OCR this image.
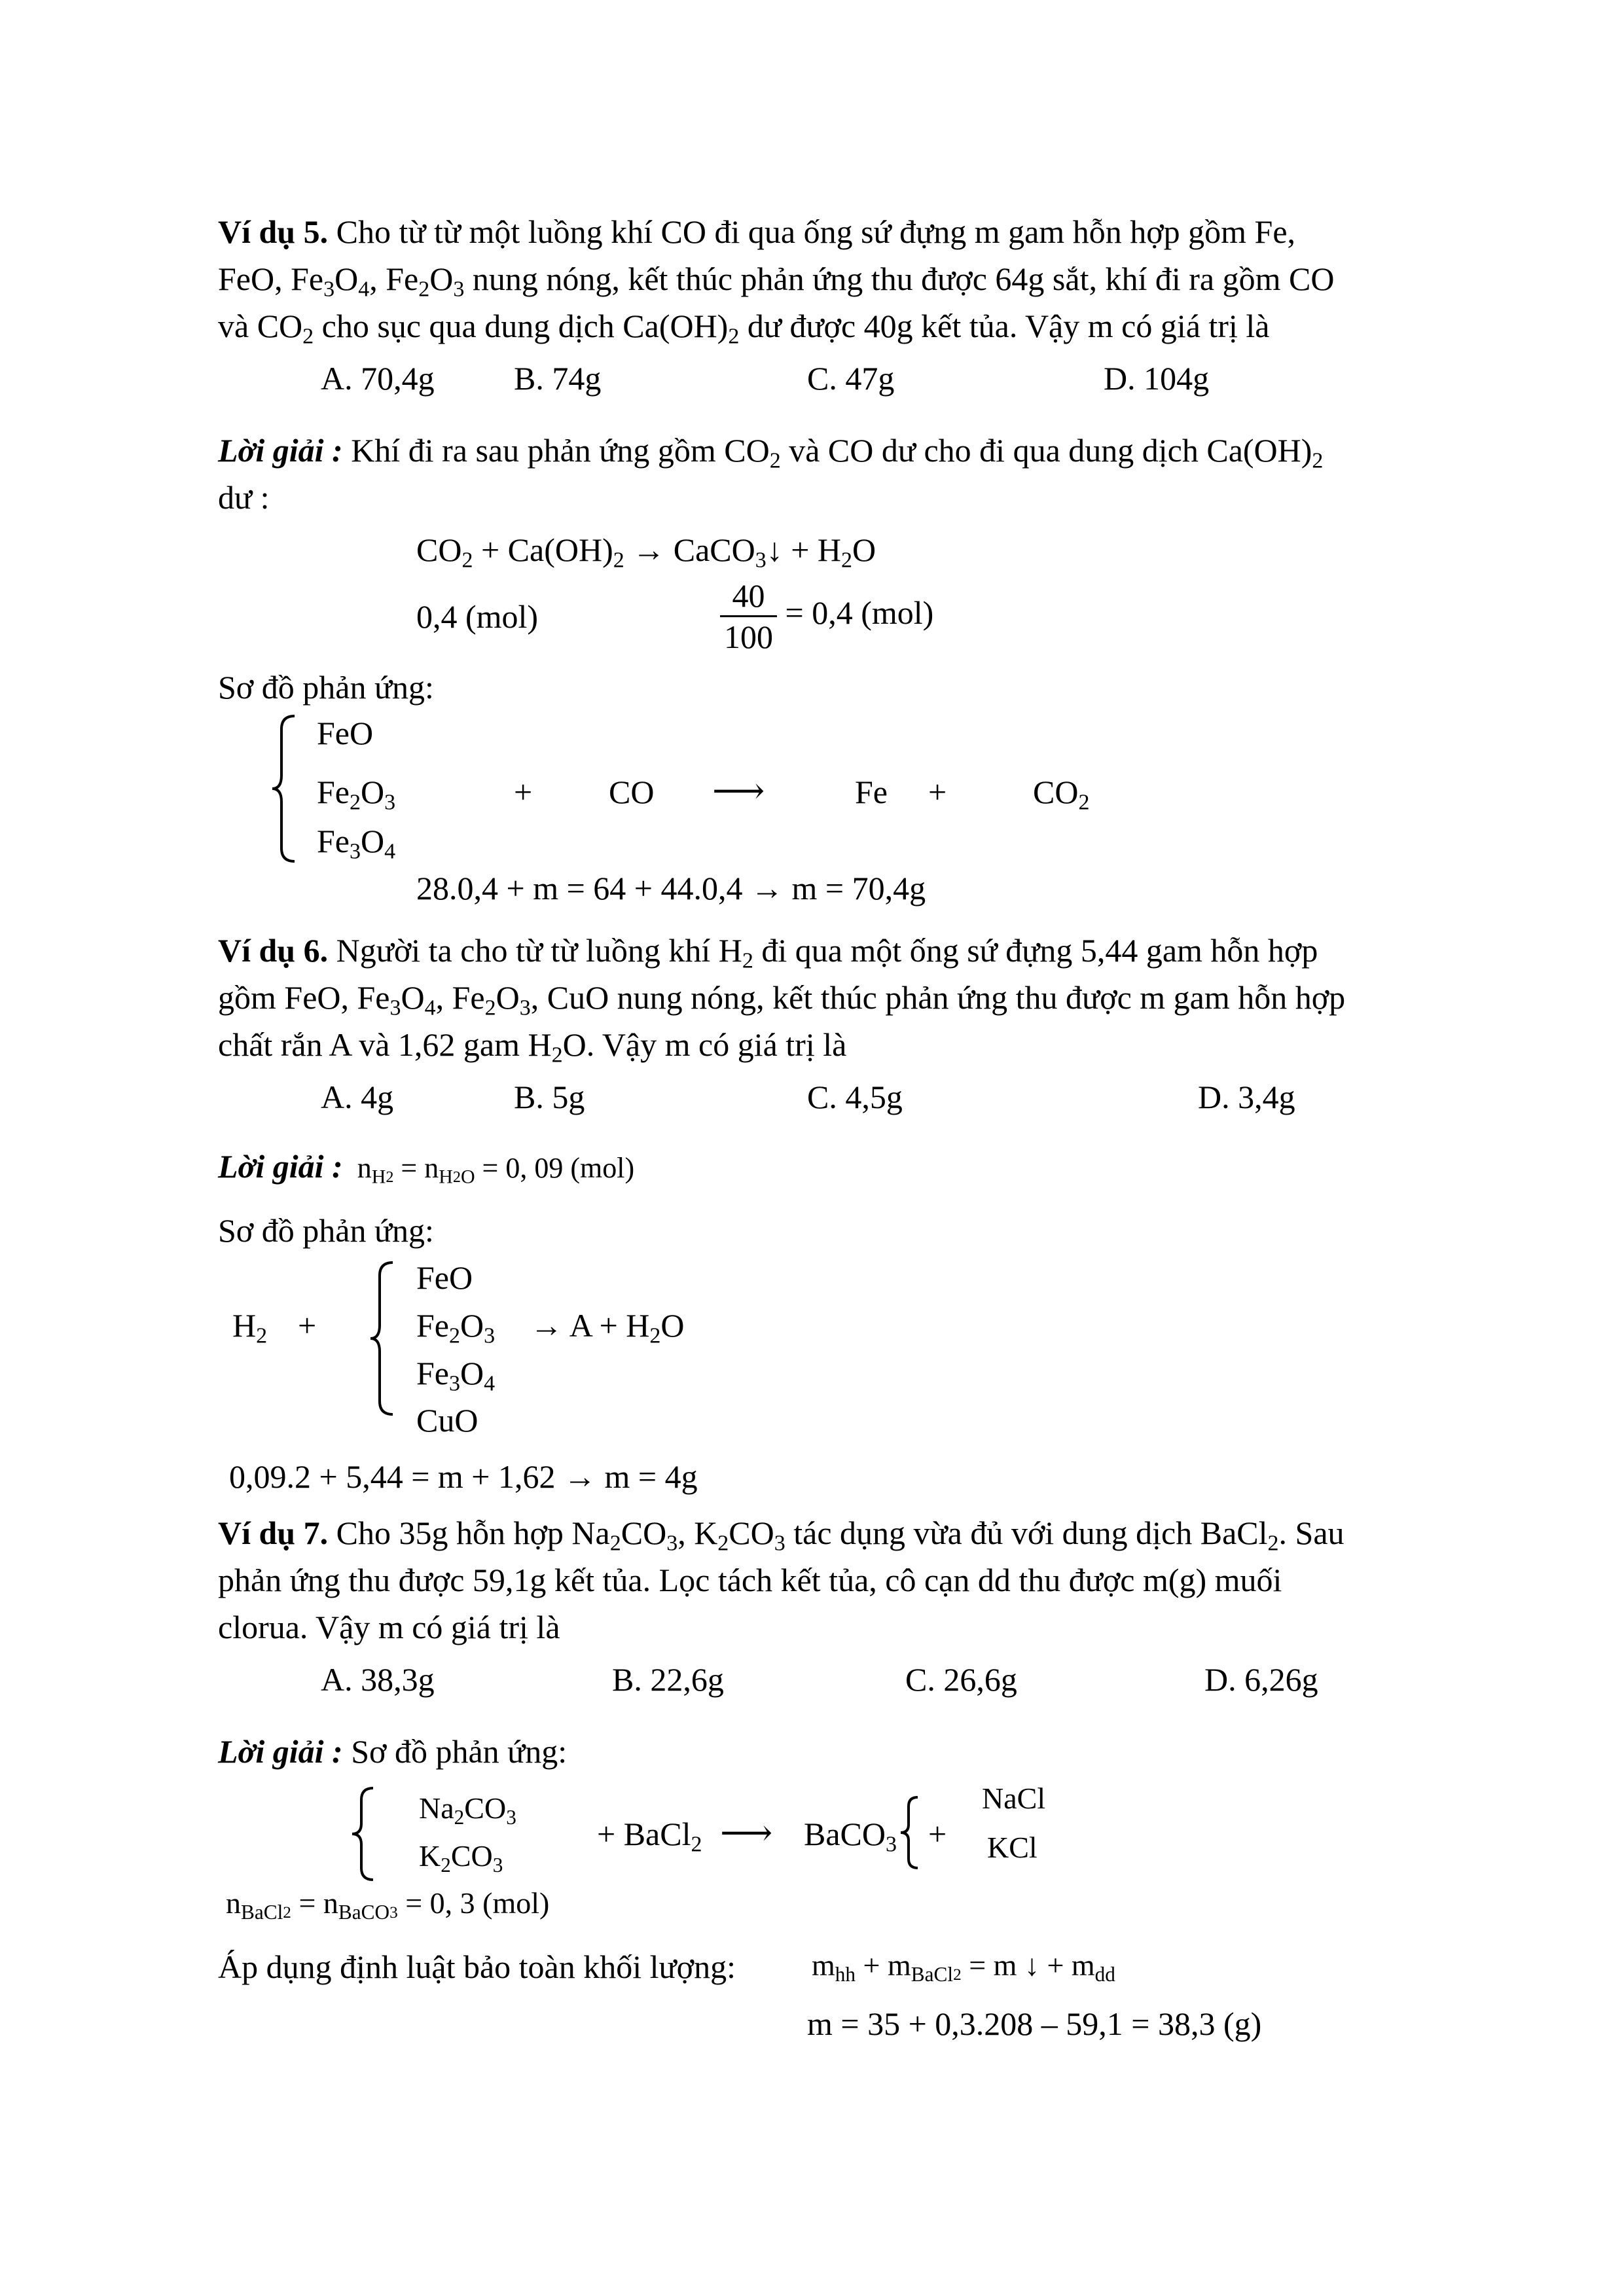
Ví dụ 5. Cho từ từ một luồng khí CO đi qua ống sứ đựng m gam hỗn hợp gồm Fe,
FeO, $Fe_3O_4$, $Fe_2O_3$ nung nóng, kết thúc phản ứng thu được 64g sắt, khí đi ra gồm CO
và $CO_2$ cho sục qua dung dịch $Ca(OH)_2$ dư được 40g kết tủa. Vậy m có giá trị là
A. 70,4g B. 74g	C. 47g	D. 104g
Lời giải : Khí đi ra sau phản ứng gồm $CO_2$ và CO dư cho đi qua dung dịch $Ca(OH)_2$
dư :
$CO_2 + Ca(OH)_2$ → CaCO$_3$↓ + $H_2O$
0,4 (mol)	$\frac{40}{100} = 0,4$ (mol)
Sơ đồ phản ứng:
FeO
$Fe_2O_3$
$Fe_3O_4$
+ CO ⟶	Fe +	$CO_2$
28.0,4 + m = 64 + 44.0,4 → m = 70,4g
Ví dụ 6. Người ta cho từ từ luồng khí $H_2$ đi qua một ống sứ đựng 5,44 gam hỗn hợp
gồm FeO, $Fe_3O_4$, $Fe_2O_3$, CuO nung nóng, kết thúc phản ứng thu được m gam hỗn hợp
chất rắn A và 1,62 gam $H_2O$. Vậy m có giá trị là
A. 4g	B. 5g	C. 4,5g	D. 3,4g
Lời giải : $n_{H2} = n_{H2O} = 0$, 09 (mol)
Sơ đồ phản ứng:
$H_2$ +
FeO
$Fe_2O_3 \to A + H_2O$
$Fe_3O_4$
CuO
0,09.2 + 5,44 = m + 1,62 → m = 4g
Ví dụ 7. Cho 35g hỗn hợp $Na_2CO_3$, $K_2CO_3$ tác dụng vừa đủ với dung dịch BaCl$_2$. Sau
phản ứng thu được 59,1g kết tủa. Lọc tách kết tủa, cô cạn dd thu được m(g) muối
clorua. Vậy m có giá trị là
A. 38,3g	B. 22,6g	C. 26,6g	D. 6,26g
Lời giải : Sơ đồ phản ứng:
$Na_2CO_3$
$K_2CO_3$
+ BaCl$_2$ ⟶ BaCO$_3$ +
NaCl
KCl
$n_{BaCl2} = n_{BaCO3} = 0$, 3 (mol)
Áp dụng định luật bảo toàn khối lượng:	$m_{hh} + m_{BaCl2} = m$ ↓ + $m_{dd}$
m = 35 + 0,3.208 – 59,1 = 38,3 (g)
